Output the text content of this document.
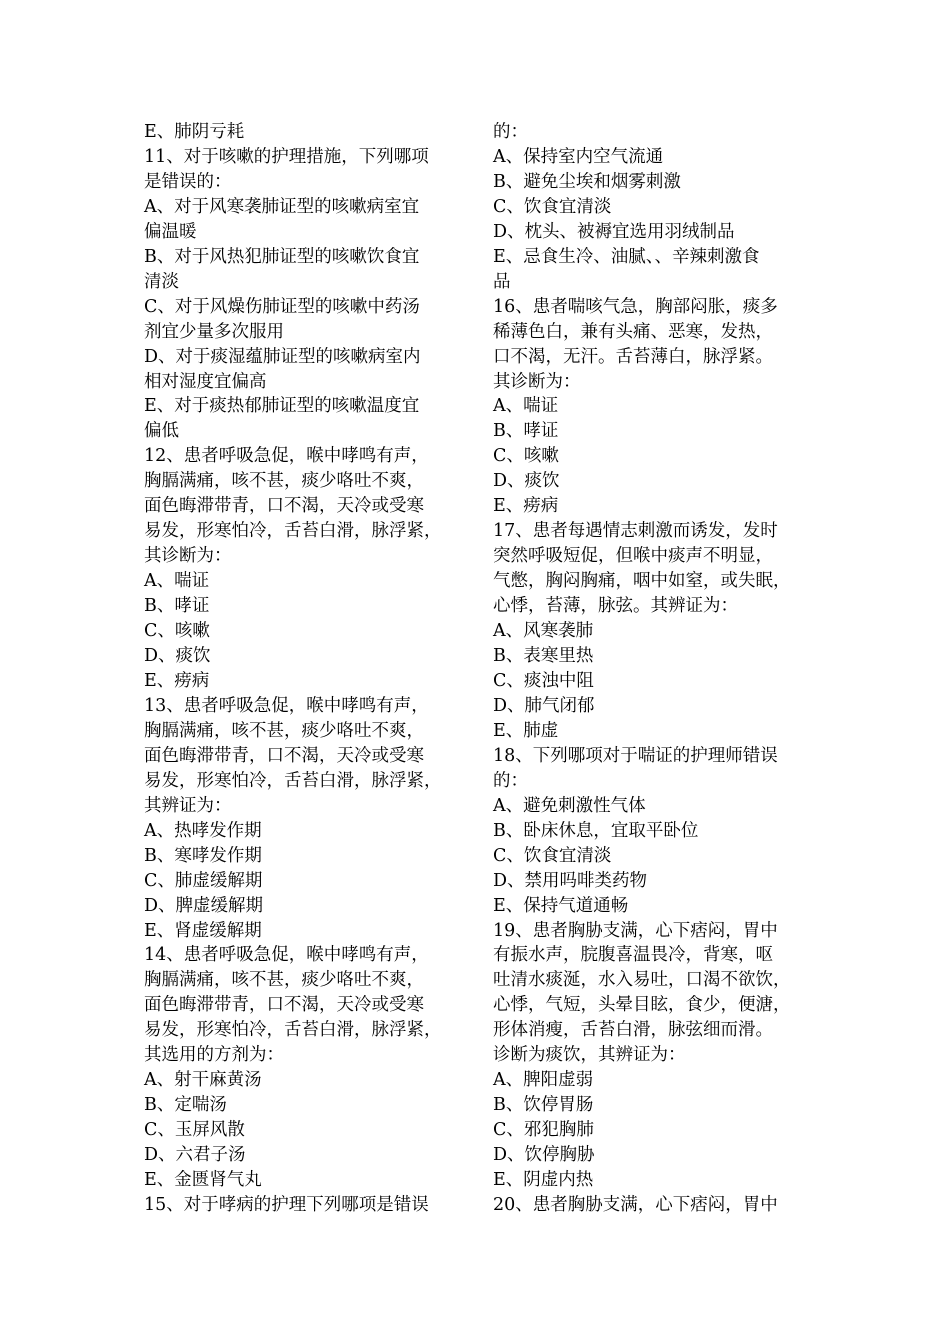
E、肺阴亏耗

11、对于咳嗽的护理措施，下列哪项

是错误的：

A、对于风寒袭肺证型的咳嗽病室宜

偏温暖

B、对于风热犯肺证型的咳嗽饮食宜

清淡

C、对于风燥伤肺证型的咳嗽中药汤

剂宜少量多次服用

D、对于痰湿蕴肺证型的咳嗽病室内

相对湿度宜偏高

E、对于痰热郁肺证型的咳嗽温度宜

偏低

12、患者呼吸急促，喉中哮鸣有声，

胸膈满痛，咳不甚，痰少咯吐不爽，

面色晦滞带青，口不渴，天冷或受寒

易发，形寒怕冷，舌苔白滑，脉浮紧，

其诊断为：

A、喘证

B、哮证

C、咳嗽

D、痰饮

E、痨病

13、患者呼吸急促，喉中哮鸣有声，

胸膈满痛，咳不甚，痰少咯吐不爽，

面色晦滞带青，口不渴，天冷或受寒

易发，形寒怕冷，舌苔白滑，脉浮紧，

其辨证为：

A、热哮发作期

B、寒哮发作期

C、肺虚缓解期

D、脾虚缓解期

E、肾虚缓解期

14、患者呼吸急促，喉中哮鸣有声，

胸膈满痛，咳不甚，痰少咯吐不爽，

面色晦滞带青，口不渴，天冷或受寒

易发，形寒怕冷，舌苔白滑，脉浮紧，

其选用的方剂为：

A、射干麻黄汤

B、定喘汤

C、玉屏风散

D、六君子汤

E、金匮肾气丸

15、对于哮病的护理下列哪项是错误

的：

A、保持室内空气流通

B、避免尘埃和烟雾刺激

C、饮食宜清淡

D、枕头、被褥宜选用羽绒制品

E、忌食生冷、油腻、、辛辣刺激食

品

16、患者喘咳气急，胸部闷胀，痰多

稀薄色白，兼有头痛、恶寒，发热，

口不渴，无汗。舌苔薄白，脉浮紧。

其诊断为：

A、喘证

B、哮证

C、咳嗽

D、痰饮

E、痨病

17、患者每遇情志刺激而诱发，发时

突然呼吸短促，但喉中痰声不明显，

气憋，胸闷胸痛，咽中如窒，或失眠，

心悸，苔薄，脉弦。其辨证为：

A、风寒袭肺

B、表寒里热

C、痰浊中阻

D、肺气闭郁

E、肺虚

18、下列哪项对于喘证的护理师错误

的：

A、避免刺激性气体

B、卧床休息，宜取平卧位

C、饮食宜清淡

D、禁用吗啡类药物

E、保持气道通畅

19、患者胸胁支满，心下痞闷，胃中

有振水声，脘腹喜温畏冷，背寒，呕

吐清水痰涎，水入易吐，口渴不欲饮，

心悸，气短，头晕目眩，食少，便溏，

形体消瘦，舌苔白滑，脉弦细而滑。

诊断为痰饮，其辨证为：

A、脾阳虚弱

B、饮停胃肠

C、邪犯胸肺

D、饮停胸胁

E、阴虚内热

20、患者胸胁支满，心下痞闷，胃中
